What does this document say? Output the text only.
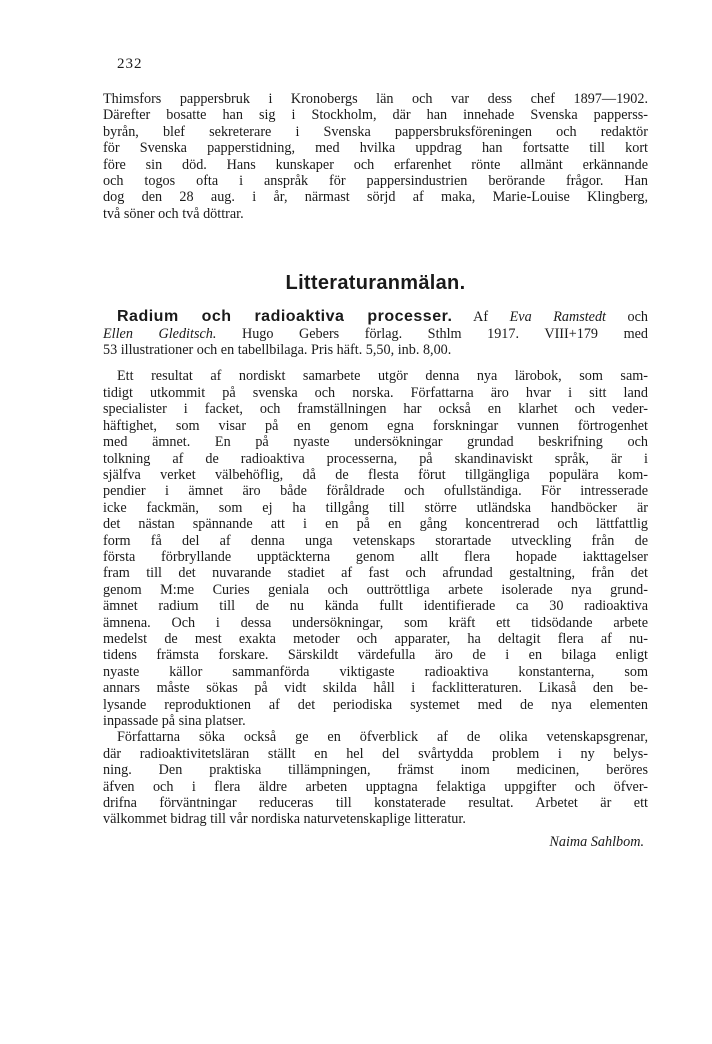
232

Thimsfors pappersbruk i Kronobergs län och var dess chef 1897—1902.
Därefter bosatte han sig i Stockholm, där han innehade Svenska papperss-
byrån, blef sekreterare i Svenska pappersbruksföreningen och redaktör
för Svenska papperstidning, med hvilka uppdrag han fortsatte till kort
före sin död. Hans kunskaper och erfarenhet rönte allmänt erkännande
och togos ofta i anspråk för pappersindustrien berörande frågor. Han
dog den 28 aug. i år, närmast sörjd af maka, Marie-Louise Klingberg,
två söner och två döttrar.

Litteraturanmälan.
Radium och radioaktiva processer. Af Eva Ramstedt och
Ellen Gleditsch. Hugo Gebers förlag. Sthlm 1917. VIII+179 med
53 illustrationer och en tabellbilaga. Pris häft. 5,50, inb. 8,00.

Ett resultat af nordiskt samarbete utgör denna nya lärobok, som sam-
tidigt utkommit på svenska och norska. Författarna äro hvar i sitt land
specialister i facket, och framställningen har också en klarhet och veder-
häftighet, som visar på en genom egna forskningar vunnen förtrogenhet
med ämnet. En på nyaste undersökningar grundad beskrifning och
tolkning af de radioaktiva processerna, på skandinaviskt språk, är i
själfva verket välbehöflig, då de flesta förut tillgängliga populära kom-
pendier i ämnet äro både föråldrade och ofullständiga. För intresserade
icke fackmän, som ej ha tillgång till större utländska handböcker är
det nästan spännande att i en på en gång koncentrerad och lättfattlig
form få del af denna unga vetenskaps storartade utveckling från de
första förbryllande upptäckterna genom allt flera hopade iakttagelser
fram till det nuvarande stadiet af fast och afrundad gestaltning, från det
genom M:me Curies geniala och outtröttliga arbete isolerade nya grund-
ämnet radium till de nu kända fullt identifierade ca 30 radioaktiva
ämnena. Och i dessa undersökningar, som kräft ett tidsödande arbete
medelst de mest exakta metoder och apparater, ha deltagit flera af nu-
tidens främsta forskare. Särskildt värdefulla äro de i en bilaga enligt
nyaste källor sammanförda viktigaste radioaktiva konstanterna, som
annars måste sökas på vidt skilda håll i facklitteraturen. Likaså den be-
lysande reproduktionen af det periodiska systemet med de nya elementen
inpassade på sina platser.

Författarna söka också ge en öfverblick af de olika vetenskapsgrenar,
där radioaktivitetsläran ställt en hel del svårtydda problem i ny belys-
ning. Den praktiska tillämpningen, främst inom medicinen, beröres
äfven och i flera äldre arbeten upptagna felaktiga uppgifter och öfver-
drifna förväntningar reduceras till konstaterade resultat. Arbetet är ett
välkommet bidrag till vår nordiska naturvetenskaplige litteratur.

Naima Sahlbom.
